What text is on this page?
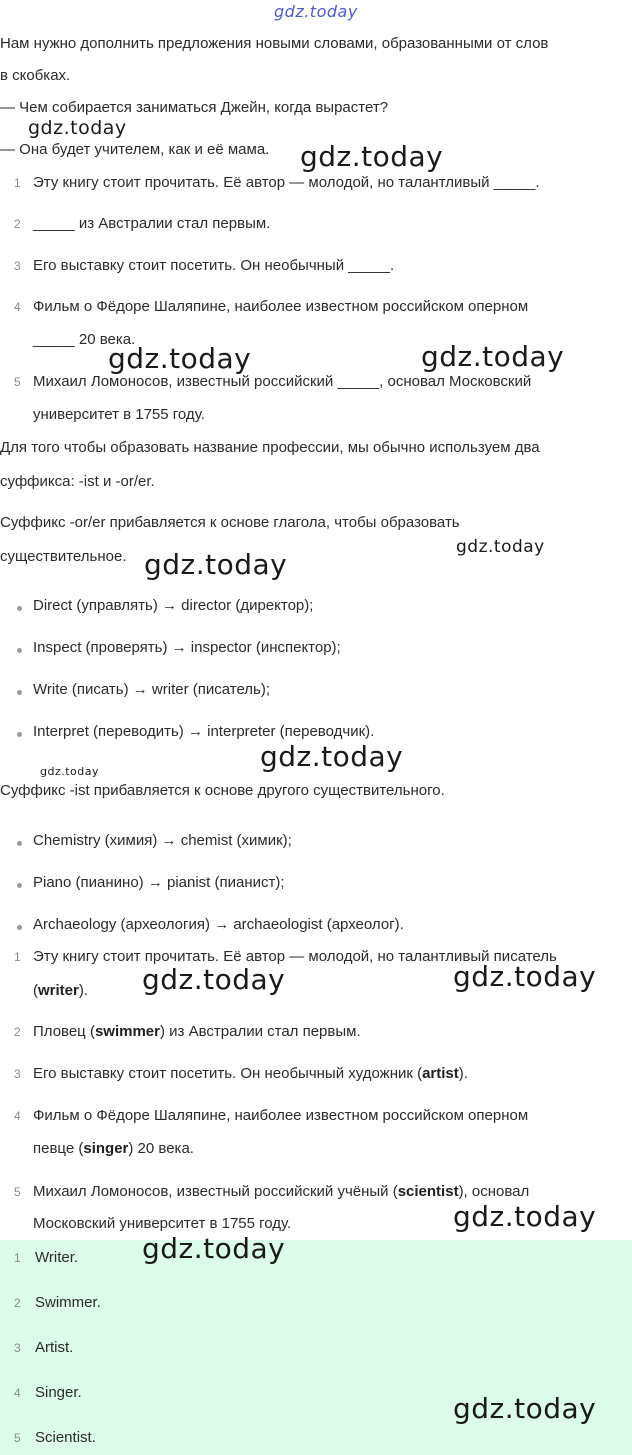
gdz.today
Нам нужно дополнить предложения новыми словами, образованными от слов
в скобках.
— Чем собирается заниматься Джейн, когда вырастет?
gdz.today
— Она будет учителем, как и её мама. gdz.today
1 Эту книгу стоит прочитать. Её автор — молодой, но талантливый _____.
2 _____ из Австралии стал первым.
3 Его выставку стоит посетить. Он необычный _____.
4 Фильм о Фёдоре Шаляпине, наиболее известном российском оперном
_____ 20 века.
gdz.today	gdz.today
5 Михаил Ломоносов, известный российский _____, основал Московский
университет в 1755 году.
Для того чтобы образовать название профессии, мы обычно используем два
суффикса: -ist и -or/er.
Суффикс -or/er прибавляется к основе глагола, чтобы образовать
существительное. gdz.today
gdz.today
Direct (управлять) → director (директор);
Inspect (проверять) → inspector (инспектор);
Write (писать) → writer (писатель);
Interpret (переводить) → interpreter (переводчик).
gdz.today
gdz.today
Суффикс -ist прибавляется к основе другого существительного.
Chemistry (химия) → chemist (химик);
Piano (пианино) → pianist (пианист);
Archaeology (археология) → archaeologist (археолог).
1 Эту книгу стоит прочитать. Её автор — молодой, но талантливый писатель
(writer). gdz.today	gdz.today
2 Пловец (swimmer) из Австралии стал первым.
3 Его выставку стоит посетить. Он необычный художник (artist).
4 Фильм о Фёдоре Шаляпине, наиболее известном российском оперном
певце (singer) 20 века.
5 Михаил Ломоносов, известный российский учёный (scientist), основал
Московский университет в 1755 году.	gdz.today
1 Writer.
2 Swimmer.
3 Artist.
4 Singer.
5 Scientist.
gdz.today
gdz.today
